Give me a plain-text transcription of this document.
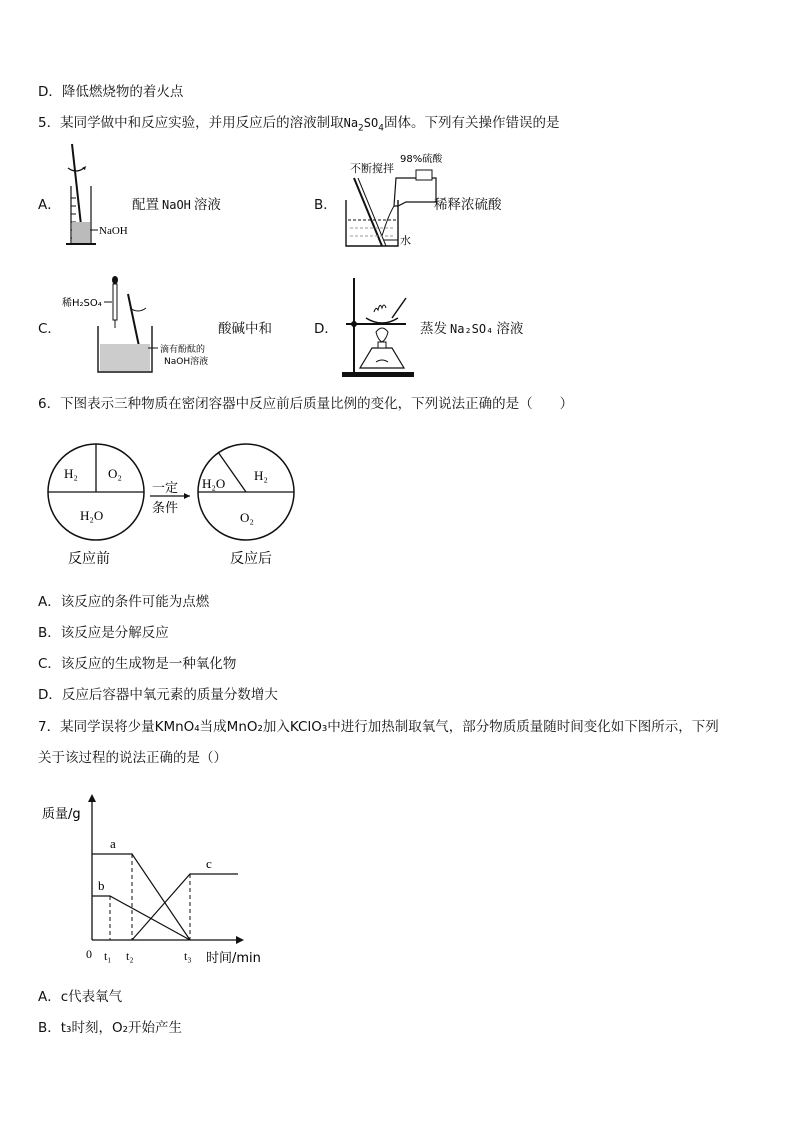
D．降低燃烧物的着火点
5．某同学做中和反应实验，并用反应后的溶液制取$Na_2SO_4$固体。下列有关操作错误的是
A．
NaOH
配置 NaOH 溶液	B．
不断搅拌
98%硫酸
水
稀释浓硫酸
C．
稀H₂SO₄
滴有酚酞的
NaOH溶液
酸碱中和	D．	蒸发 Na₂SO₄ 溶液
6．下图表示三种物质在密闭容器中反应前后质量比例的变化，下列说法正确的是（　　）
H₂ O₂
H₂O
反应前
一定
条件
H₂O
H₂
O₂
反应后
A．该反应的条件可能为点燃
B．该反应是分解反应
C．该反应的生成物是一种氧化物
D．反应后容器中氧元素的质量分数增大
7．某同学误将少量KMnO₄当成MnO₂加入KClO₃中进行加热制取氧气，部分物质质量随时间变化如下图所示，下列
关于该过程的说法正确的是（）
质量/g
a
b
c
0 t₁ t₂	t₃ 时间/min
A．c代表氧气
B．t₃时刻，O₂开始产生
